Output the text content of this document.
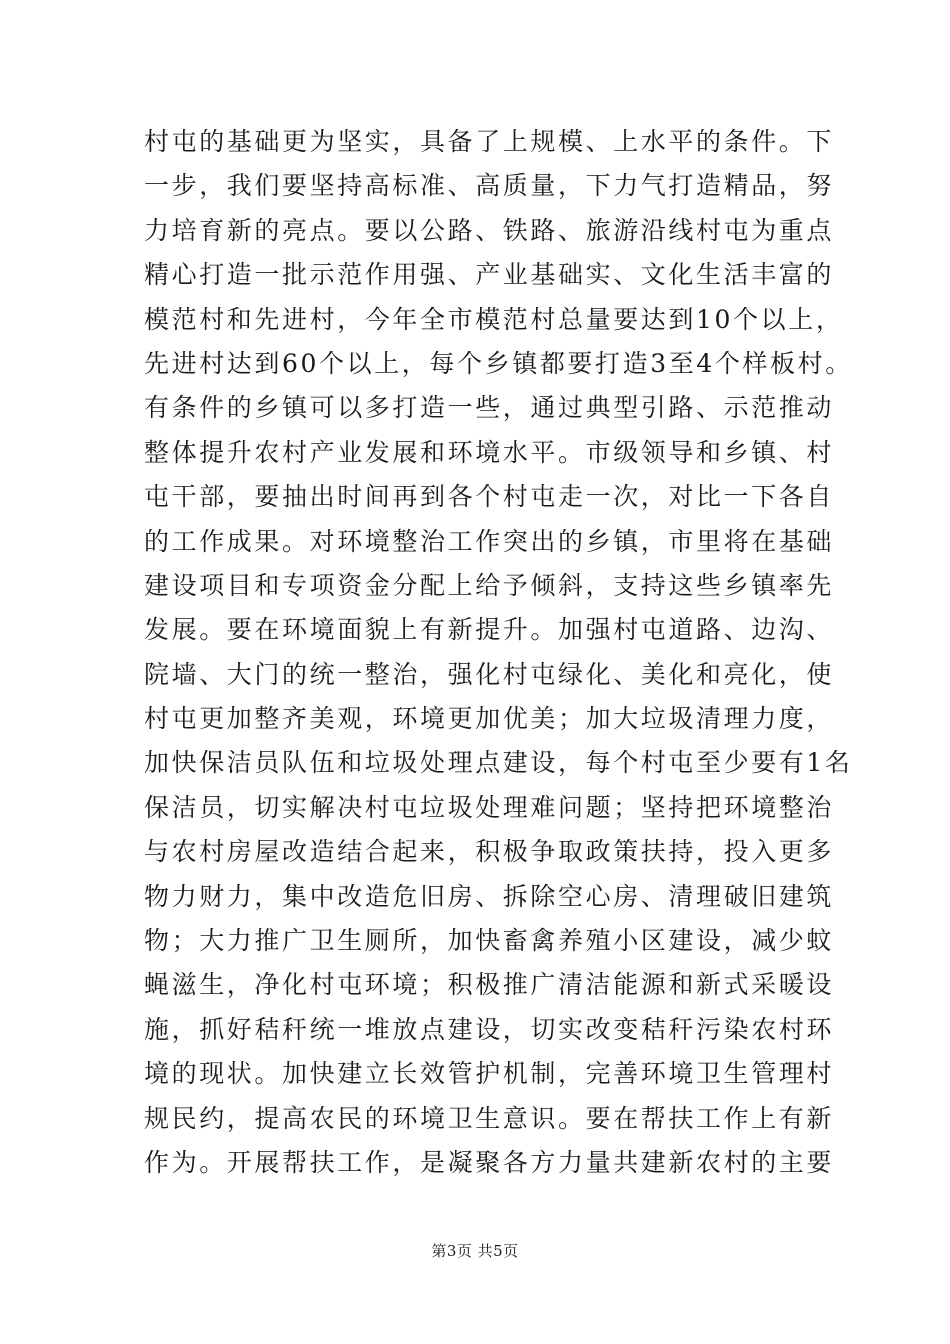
村屯的基础更为坚实，具备了上规模、上水平的条件。下
一步，我们要坚持高标准、高质量，下力气打造精品，努
力培育新的亮点。要以公路、铁路、旅游沿线村屯为重点
精心打造一批示范作用强、产业基础实、文化生活丰富的
模范村和先进村，今年全市模范村总量要达到10个以上，
先进村达到60个以上，每个乡镇都要打造3至4个样板村。
有条件的乡镇可以多打造一些，通过典型引路、示范推动
整体提升农村产业发展和环境水平。市级领导和乡镇、村
屯干部，要抽出时间再到各个村屯走一次，对比一下各自
的工作成果。对环境整治工作突出的乡镇，市里将在基础
建设项目和专项资金分配上给予倾斜，支持这些乡镇率先
发展。要在环境面貌上有新提升。加强村屯道路、边沟、
院墙、大门的统一整治，强化村屯绿化、美化和亮化，使
村屯更加整齐美观，环境更加优美；加大垃圾清理力度，
加快保洁员队伍和垃圾处理点建设，每个村屯至少要有1名
保洁员，切实解决村屯垃圾处理难问题；坚持把环境整治
与农村房屋改造结合起来，积极争取政策扶持，投入更多
物力财力，集中改造危旧房、拆除空心房、清理破旧建筑
物；大力推广卫生厕所，加快畜禽养殖小区建设，减少蚊
蝇滋生，净化村屯环境；积极推广清洁能源和新式采暖设
施，抓好秸秆统一堆放点建设，切实改变秸秆污染农村环
境的现状。加快建立长效管护机制，完善环境卫生管理村
规民约，提高农民的环境卫生意识。要在帮扶工作上有新
作为。开展帮扶工作，是凝聚各方力量共建新农村的主要
第3页 共5页
